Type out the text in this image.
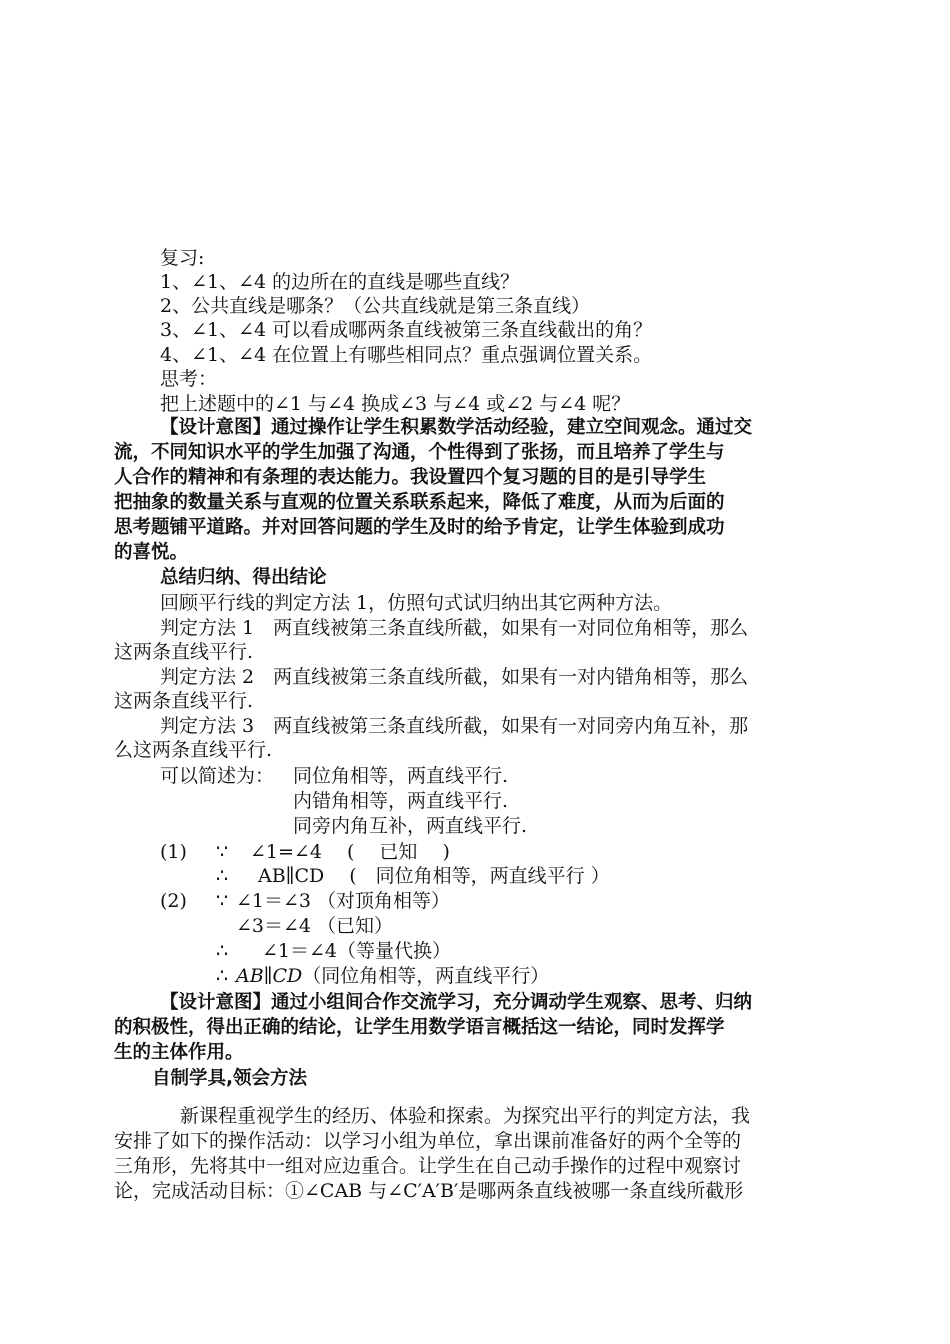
复习:

1、∠1、∠4 的边所在的直线是哪些直线？

2、公共直线是哪条？（公共直线就是第三条直线）

3、∠1、∠4 可以看成哪两条直线被第三条直线截出的角？

4、∠1、∠4 在位置上有哪些相同点？重点强调位置关系。

思考：

把上述题中的∠1 与∠4 换成∠3 与∠4 或∠2 与∠4 呢？

【设计意图】通过操作让学生积累数学活动经验，建立空间观念。通过交

流，不同知识水平的学生加强了沟通，个性得到了张扬，而且培养了学生与

人合作的精神和有条理的表达能力。我设置四个复习题的目的是引导学生

把抽象的数量关系与直观的位置关系联系起来，降低了难度，从而为后面的

思考题铺平道路。并对回答问题的学生及时的给予肯定，让学生体验到成功

的喜悦。

总结归纳、得出结论

回顾平行线的判定方法 1，仿照句式试归纳出其它两种方法。

判定方法 1　两直线被第三条直线所截，如果有一对同位角相等，那么

这两条直线平行.

判定方法 2　两直线被第三条直线所截，如果有一对内错角相等，那么

这两条直线平行.

判定方法 3　两直线被第三条直线所截，如果有一对同旁内角互补，那

么这两条直线平行.

可以简述为： 同位角相等，两直线平行.

内错角相等，两直线平行.

同旁内角互补，两直线平行.

(1) ∵ ∠1=∠4 　(　 已知 　)

∴ AB∥CD 　(　同位角相等，两直线平行 ）

(2) ∵ ∠1＝∠3 （对顶角相等）

∠3＝∠4 （已知）

∴ ∠1＝∠4（等量代换）

∴ AB∥CD（同位角相等，两直线平行）

【设计意图】通过小组间合作交流学习，充分调动学生观察、思考、归纳

的积极性，得出正确的结论，让学生用数学语言概括这一结论，同时发挥学

生的主体作用。

自制学具,领会方法

新课程重视学生的经历、体验和探索。为探究出平行的判定方法，我

安排了如下的操作活动：以学习小组为单位，拿出课前准备好的两个全等的

三角形，先将其中一组对应边重合。让学生在自己动手操作的过程中观察讨

论，完成活动目标：①∠CAB 与∠C′A′B′是哪两条直线被哪一条直线所截形
